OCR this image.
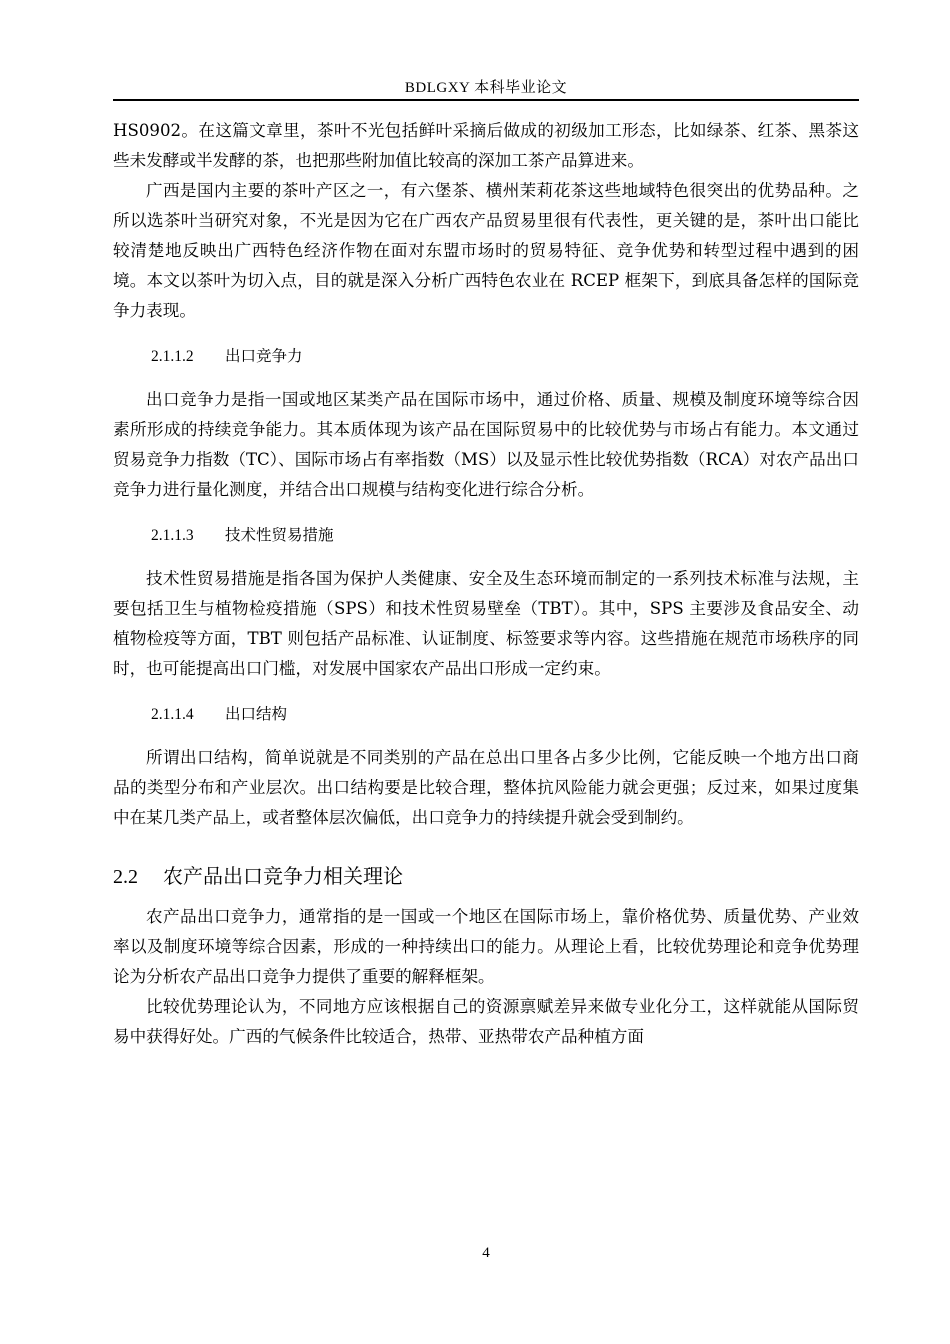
BDLGXY 本科毕业论文

HS0902。在这篇文章里，茶叶不光包括鲜叶采摘后做成的初级加工形态，比如绿茶、红茶、黑茶这些未发酵或半发酵的茶，也把那些附加值比较高的深加工茶产品算进来。

广西是国内主要的茶叶产区之一，有六堡茶、横州茉莉花茶这些地域特色很突出的优势品种。之所以选茶叶当研究对象，不光是因为它在广西农产品贸易里很有代表性，更关键的是，茶叶出口能比较清楚地反映出广西特色经济作物在面对东盟市场时的贸易特征、竞争优势和转型过程中遇到的困境。本文以茶叶为切入点，目的就是深入分析广西特色农业在 RCEP 框架下，到底具备怎样的国际竞争力表现。

2.1.1.2 出口竞争力

出口竞争力是指一国或地区某类产品在国际市场中，通过价格、质量、规模及制度环境等综合因素所形成的持续竞争能力。其本质体现为该产品在国际贸易中的比较优势与市场占有能力。本文通过贸易竞争力指数（TC）、国际市场占有率指数（MS）以及显示性比较优势指数（RCA）对农产品出口竞争力进行量化测度，并结合出口规模与结构变化进行综合分析。

2.1.1.3 技术性贸易措施

技术性贸易措施是指各国为保护人类健康、安全及生态环境而制定的一系列技术标准与法规，主要包括卫生与植物检疫措施（SPS）和技术性贸易壁垒（TBT）。其中，SPS 主要涉及食品安全、动植物检疫等方面，TBT 则包括产品标准、认证制度、标签要求等内容。这些措施在规范市场秩序的同时，也可能提高出口门槛，对发展中国家农产品出口形成一定约束。

2.1.1.4 出口结构

所谓出口结构，简单说就是不同类别的产品在总出口里各占多少比例，它能反映一个地方出口商品的类型分布和产业层次。出口结构要是比较合理，整体抗风险能力就会更强；反过来，如果过度集中在某几类产品上，或者整体层次偏低，出口竞争力的持续提升就会受到制约。

2.2 农产品出口竞争力相关理论

农产品出口竞争力，通常指的是一国或一个地区在国际市场上，靠价格优势、质量优势、产业效率以及制度环境等综合因素，形成的一种持续出口的能力。从理论上看，比较优势理论和竞争优势理论为分析农产品出口竞争力提供了重要的解释框架。

比较优势理论认为，不同地方应该根据自己的资源禀赋差异来做专业化分工，这样就能从国际贸易中获得好处。广西的气候条件比较适合，热带、亚热带农产品种植方面

4
